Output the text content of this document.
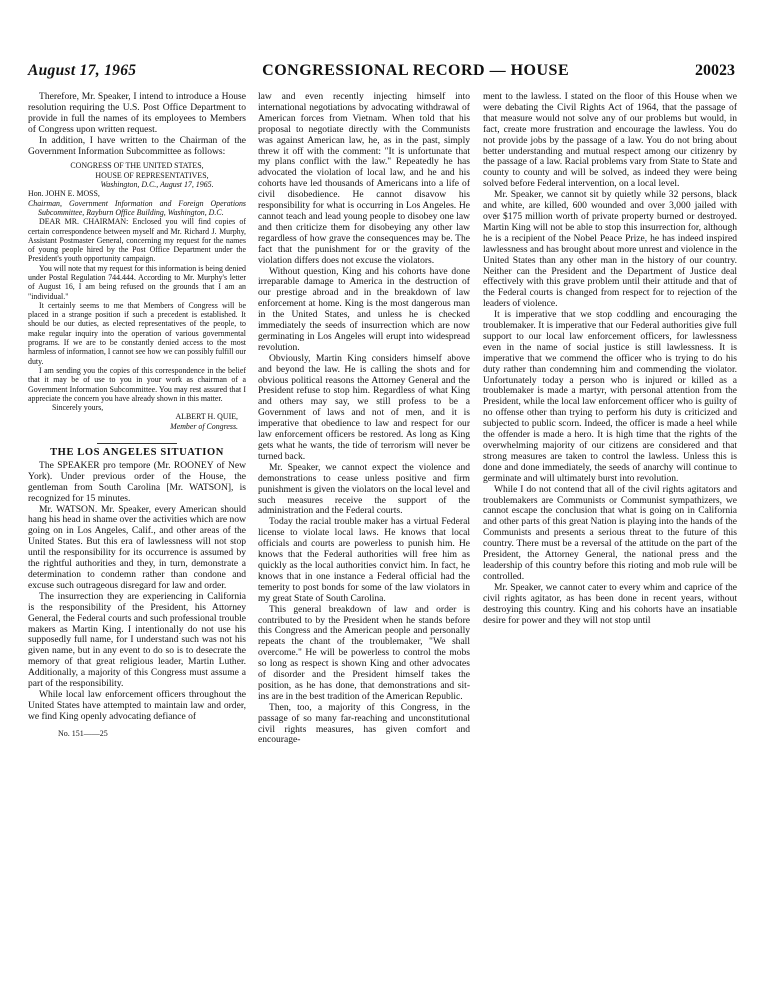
August 17, 1965	CONGRESSIONAL RECORD — HOUSE	20023

Therefore, Mr. Speaker, I intend to introduce a House resolution requiring the U.S. Post Office Department to provide in full the names of its employees to Members of Congress upon written request.

In addition, I have written to the Chairman of the Government Information Subcommittee as follows:

CONGRESS OF THE UNITED STATES,

HOUSE OF REPRESENTATIVES,

Washington, D.C., August 17, 1965.

Hon. JOHN E. MOSS,

Chairman, Government Information and Foreign Operations Subcommittee, Rayburn Office Building, Washington, D.C.

DEAR MR. CHAIRMAN: Enclosed you will find copies of certain correspondence between myself and Mr. Richard J. Murphy, Assistant Postmaster General, concerning my request for the names of young people hired by the Post Office Department under the President's youth opportunity campaign.

You will note that my request for this information is being denied under Postal Regulation 744.444. According to Mr. Murphy's letter of August 16, I am being refused on the grounds that I am an "individual."

It certainly seems to me that Members of Congress will be placed in a strange position if such a precedent is established. It should be our duties, as elected representatives of the people, to make regular inquiry into the operation of various governmental programs. If we are to be constantly denied access to the most harmless of information, I cannot see how we can possibly fulfill our duty.

I am sending you the copies of this correspondence in the belief that it may be of use to you in your work as chairman of a Government Information Subcommittee. You may rest assured that I appreciate the concern you have already shown in this matter.

Sincerely yours,

ALBERT H. QUIE,

Member of Congress.

THE LOS ANGELES SITUATION

The SPEAKER pro tempore (Mr. ROONEY of New York). Under previous order of the House, the gentleman from South Carolina [Mr. WATSON], is recognized for 15 minutes.

Mr. WATSON. Mr. Speaker, every American should hang his head in shame over the activities which are now going on in Los Angeles, Calif., and other areas of the United States. But this era of lawlessness will not stop until the responsibility for its occurrence is assumed by the rightful authorities and they, in turn, demonstrate a determination to condemn rather than condone and excuse such outrageous disregard for law and order.

The insurrection they are experiencing in California is the responsibility of the President, his Attorney General, the Federal courts and such professional trouble makers as Martin King. I intentionally do not use his supposedly full name, for I understand such was not his given name, but in any event to do so is to desecrate the memory of that great religious leader, Martin Luther. Additionally, a majority of this Congress must assume a part of the responsibility.

While local law enforcement officers throughout the United States have attempted to maintain law and order, we find King openly advocating defiance of

No. 151——25

law and even recently injecting himself into international negotiations by advocating withdrawal of American forces from Vietnam. When told that his proposal to negotiate directly with the Communists was against American law, he, as in the past, simply threw it off with the comment: "It is unfortunate that my plans conflict with the law." Repeatedly he has advocated the violation of local law, and he and his cohorts have led thousands of Americans into a life of civil disobedience. He cannot disavow his responsibility for what is occurring in Los Angeles. He cannot teach and lead young people to disobey one law and then criticize them for disobeying any other law regardless of how grave the consequences may be. The fact that the punishment for or the gravity of the violation differs does not excuse the violators.

Without question, King and his cohorts have done irreparable damage to America in the destruction of our prestige abroad and in the breakdown of law enforcement at home. King is the most dangerous man in the United States, and unless he is checked immediately the seeds of insurrection which are now germinating in Los Angeles will erupt into widespread revolution.

Obviously, Martin King considers himself above and beyond the law. He is calling the shots and for obvious political reasons the Attorney General and the President refuse to stop him. Regardless of what King and others may say, we still profess to be a Government of laws and not of men, and it is imperative that obedience to law and respect for our law enforcement officers be restored. As long as King gets what he wants, the tide of terrorism will never be turned back.

Mr. Speaker, we cannot expect the violence and demonstrations to cease unless positive and firm punishment is given the violators on the local level and such measures receive the support of the administration and the Federal courts.

Today the racial trouble maker has a virtual Federal license to violate local laws. He knows that local officials and courts are powerless to punish him. He knows that the Federal authorities will free him as quickly as the local authorities convict him. In fact, he knows that in one instance a Federal official had the temerity to post bonds for some of the law violators in my great State of South Carolina.

This general breakdown of law and order is contributed to by the President when he stands before this Congress and the American people and personally repeats the chant of the troublemaker, "We shall overcome." He will be powerless to control the mobs so long as respect is shown King and other advocates of disorder and the President himself takes the position, as he has done, that demonstrations and sit-ins are in the best tradition of the American Republic.

Then, too, a majority of this Congress, in the passage of so many far-reaching and unconstitutional civil rights measures, has given comfort and encourage-

ment to the lawless. I stated on the floor of this House when we were debating the Civil Rights Act of 1964, that the passage of that measure would not solve any of our problems but would, in fact, create more frustration and encourage the lawless. You do not provide jobs by the passage of a law. You do not bring about better understanding and mutual respect among our citizenry by the passage of a law. Racial problems vary from State to State and county to county and will be solved, as indeed they were being solved before Federal intervention, on a local level.

Mr. Speaker, we cannot sit by quietly while 32 persons, black and white, are killed, 600 wounded and over 3,000 jailed with over $175 million worth of private property burned or destroyed. Martin King will not be able to stop this insurrection for, although he is a recipient of the Nobel Peace Prize, he has indeed inspired lawlessness and has brought about more unrest and violence in the United States than any other man in the history of our country. Neither can the President and the Department of Justice deal effectively with this grave problem until their attitude and that of the Federal courts is changed from respect for to rejection of the leaders of violence.

It is imperative that we stop coddling and encouraging the troublemaker. It is imperative that our Federal authorities give full support to our local law enforcement officers, for lawlessness even in the name of social justice is still lawlessness. It is imperative that we commend the officer who is trying to do his duty rather than condemning him and commending the violator. Unfortunately today a person who is injured or killed as a troublemaker is made a martyr, with personal attention from the President, while the local law enforcement officer who is guilty of no offense other than trying to perform his duty is criticized and subjected to public scorn. Indeed, the officer is made a heel while the offender is made a hero. It is high time that the rights of the overwhelming majority of our citizens are considered and that strong measures are taken to control the lawless. Unless this is done and done immediately, the seeds of anarchy will continue to germinate and will ultimately burst into revolution.

While I do not contend that all of the civil rights agitators and troublemakers are Communists or Communist sympathizers, we cannot escape the conclusion that what is going on in California and other parts of this great Nation is playing into the hands of the Communists and presents a serious threat to the future of this country. There must be a reversal of the attitude on the part of the President, the Attorney General, the national press and the leadership of this country before this rioting and mob rule will be controlled.

Mr. Speaker, we cannot cater to every whim and caprice of the civil rights agitator, as has been done in recent years, without destroying this country. King and his cohorts have an insatiable desire for power and they will not stop until
